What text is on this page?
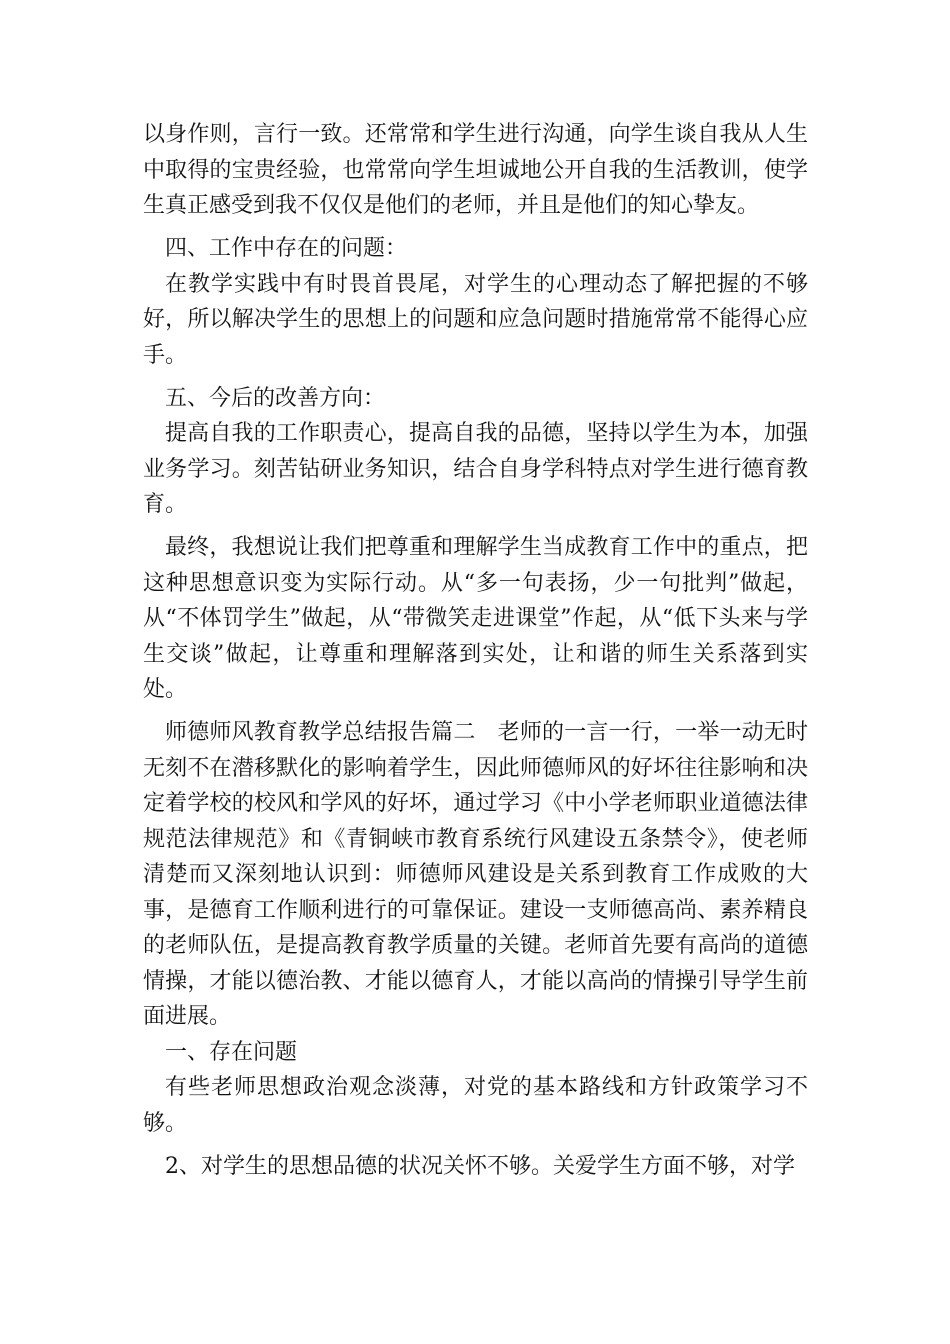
以身作则，言行一致。还常常和学生进行沟通，向学生谈自我从人生中取得的宝贵经验，也常常向学生坦诚地公开自我的生活教训，使学生真正感受到我不仅仅是他们的老师，并且是他们的知心挚友。

四、工作中存在的问题：

在教学实践中有时畏首畏尾，对学生的心理动态了解把握的不够好，所以解决学生的思想上的问题和应急问题时措施常常不能得心应手。

五、今后的改善方向：

提高自我的工作职责心，提高自我的品德，坚持以学生为本，加强业务学习。刻苦钻研业务知识，结合自身学科特点对学生进行德育教育。

最终，我想说让我们把尊重和理解学生当成教育工作中的重点，把这种思想意识变为实际行动。从“多一句表扬，少一句批判”做起，从“不体罚学生”做起，从“带微笑走进课堂”作起，从“低下头来与学生交谈”做起，让尊重和理解落到实处，让和谐的师生关系落到实处。

师德师风教育教学总结报告篇二　老师的一言一行，一举一动无时无刻不在潜移默化的影响着学生，因此师德师风的好坏往往影响和决定着学校的校风和学风的好坏，通过学习《中小学老师职业道德法律规范法律规范》和《青铜峡市教育系统行风建设五条禁令》，使老师清楚而又深刻地认识到：师德师风建设是关系到教育工作成败的大事，是德育工作顺利进行的可靠保证。建设一支师德高尚、素养精良的老师队伍，是提高教育教学质量的关键。老师首先要有高尚的道德情操，才能以德治教、才能以德育人，才能以高尚的情操引导学生前面进展。

一、存在问题

有些老师思想政治观念淡薄，对党的基本路线和方针政策学习不够。

2、对学生的思想品德的状况关怀不够。关爱学生方面不够，对学
